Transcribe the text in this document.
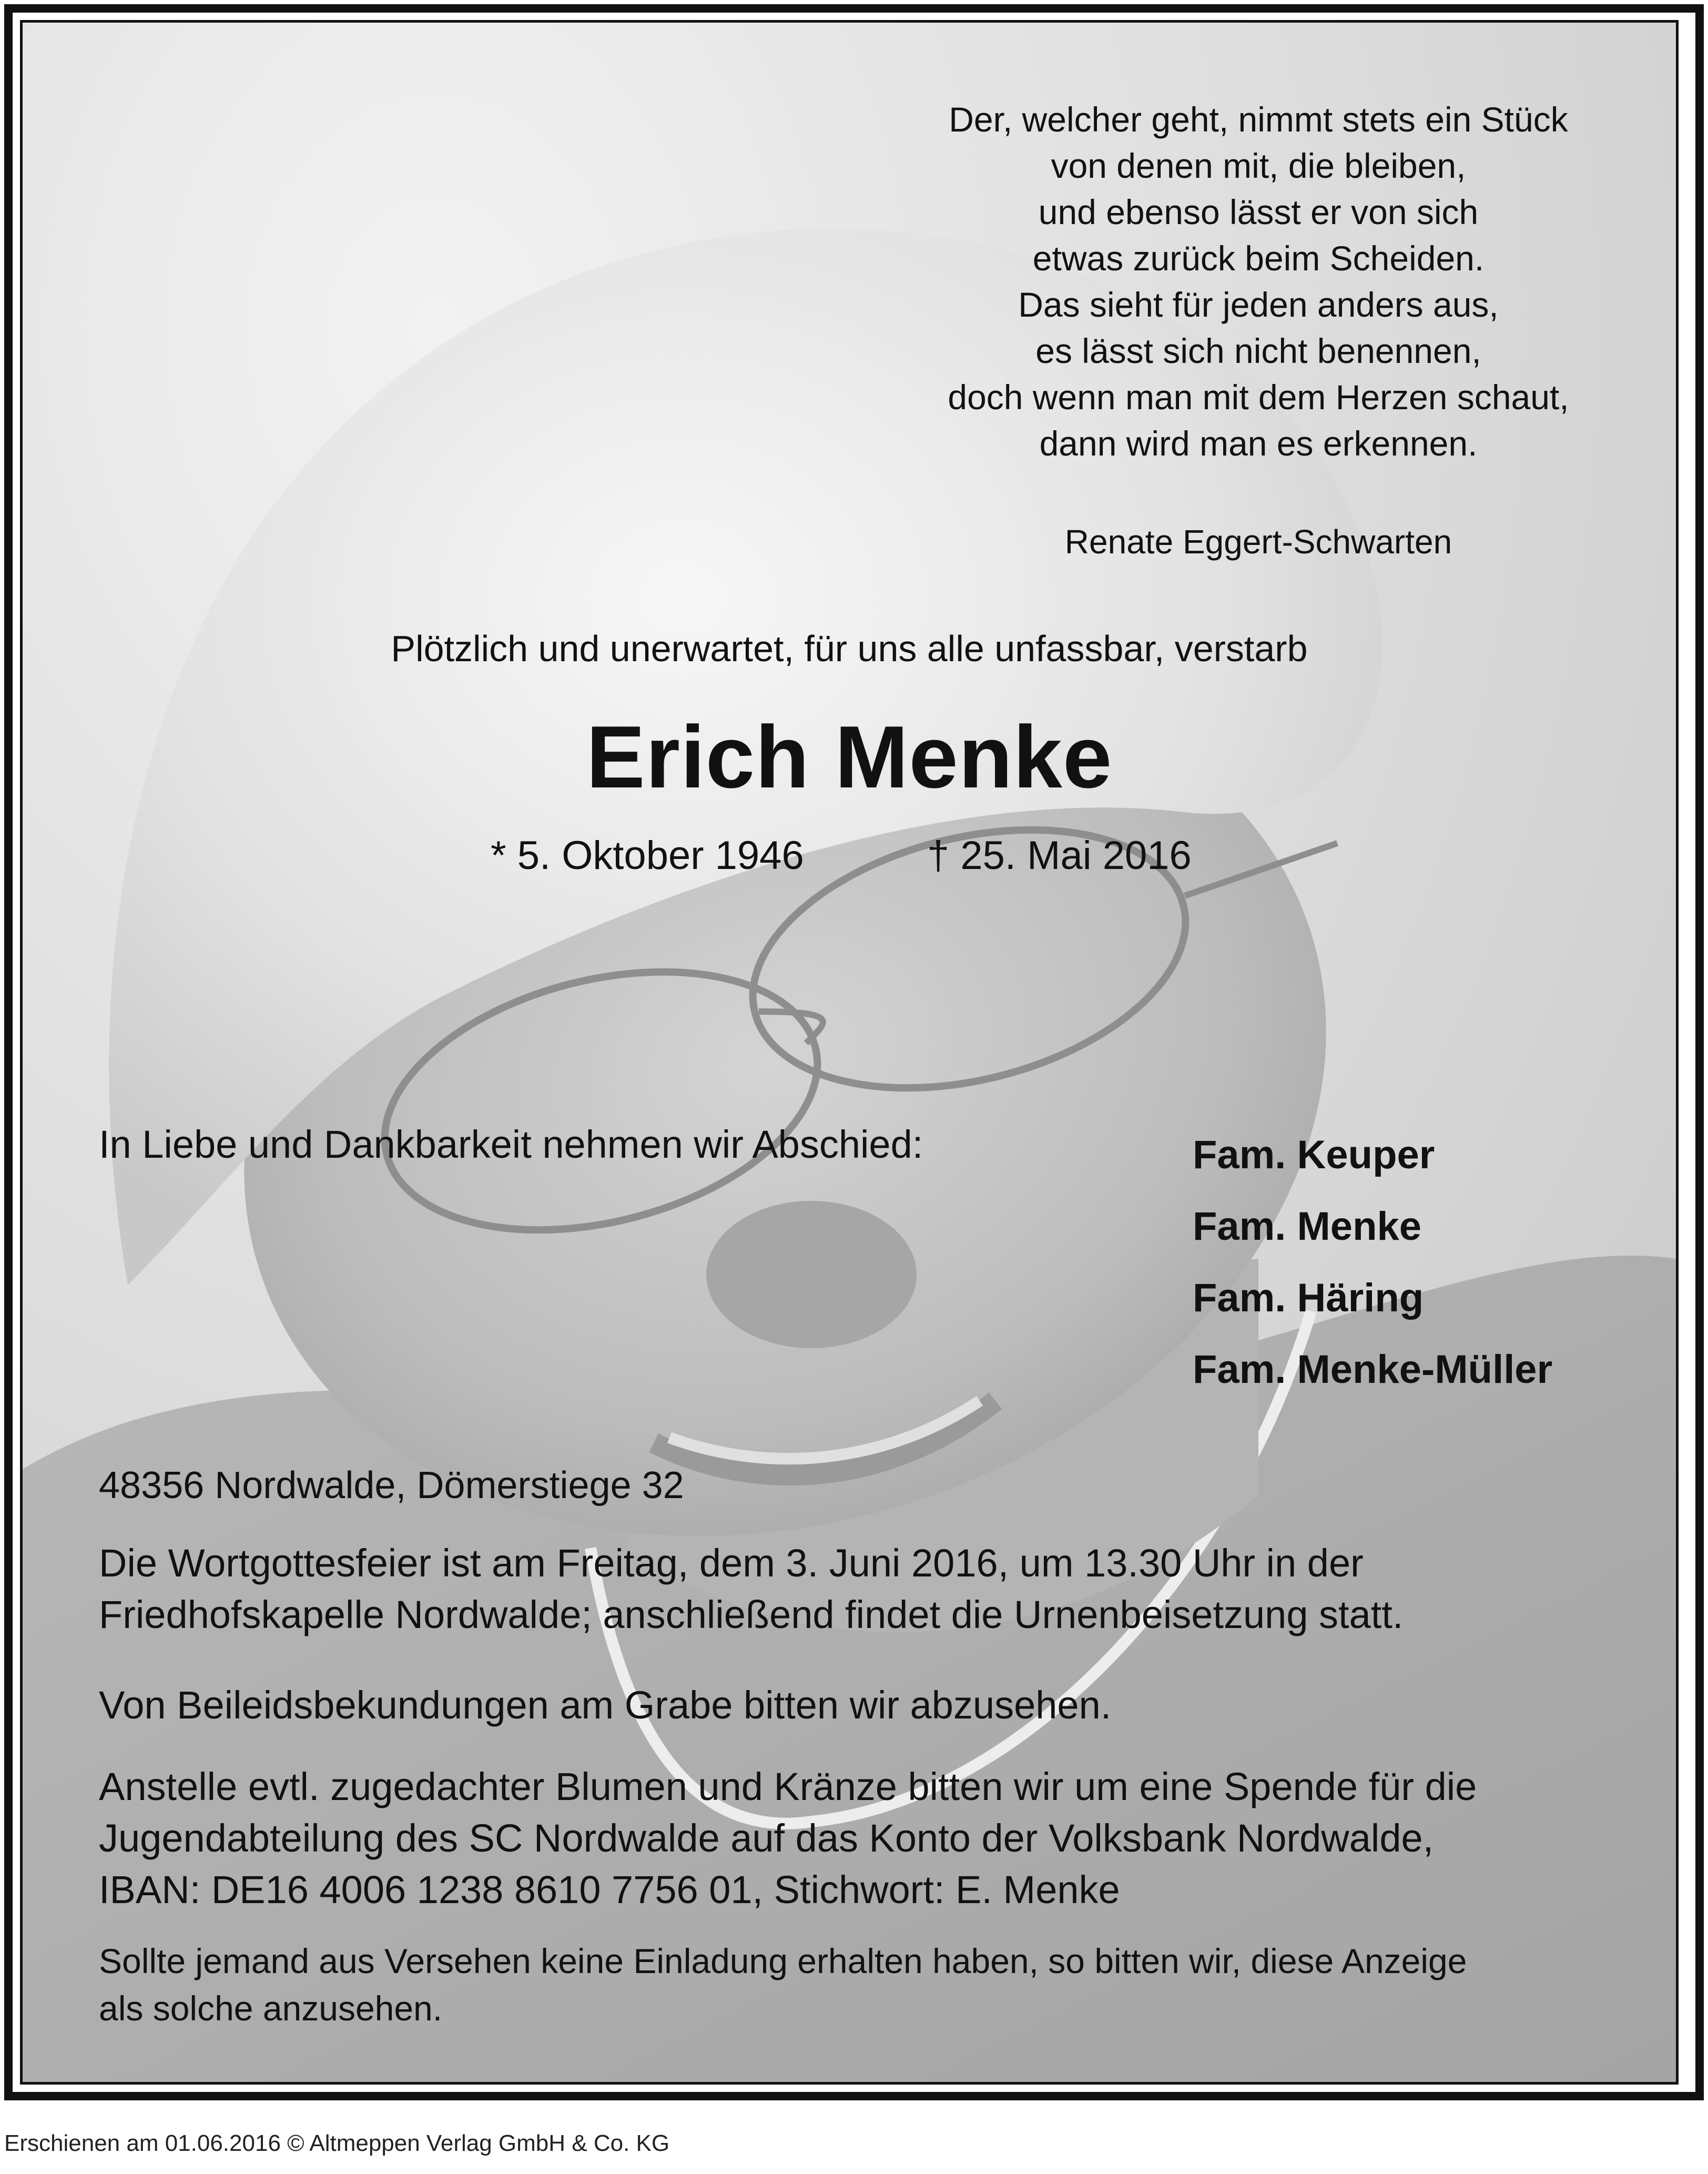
Der, welcher geht, nimmt stets ein Stück
von denen mit, die bleiben,
und ebenso lässt er von sich
etwas zurück beim Scheiden.
Das sieht für jeden anders aus,
es lässt sich nicht benennen,
doch wenn man mit dem Herzen schaut,
dann wird man es erkennen.
Renate Eggert-Schwarten
Plötzlich und unerwartet, für uns alle unfassbar, verstarb
Erich Menke
* 5. Oktober 1946	† 25. Mai 2016
In Liebe und Dankbarkeit nehmen wir Abschied:	Fam. Keuper
Fam. Menke
Fam. Häring
Fam. Menke-Müller
48356 Nordwalde, Dömerstiege 32
Die Wortgottesfeier ist am Freitag, dem 3. Juni 2016, um 13.30 Uhr in der
Friedhofskapelle Nordwalde; anschließend findet die Urnenbeisetzung statt.
Von Beileidsbekundungen am Grabe bitten wir abzusehen.
Anstelle evtl. zugedachter Blumen und Kränze bitten wir um eine Spende für die
Jugendabteilung des SC Nordwalde auf das Konto der Volksbank Nordwalde,
IBAN: DE16 4006 1238 8610 7756 01, Stichwort: E. Menke
Sollte jemand aus Versehen keine Einladung erhalten haben, so bitten wir, diese Anzeige
als solche anzusehen.
Erschienen am 01.06.2016 © Altmeppen Verlag GmbH & Co. KG
